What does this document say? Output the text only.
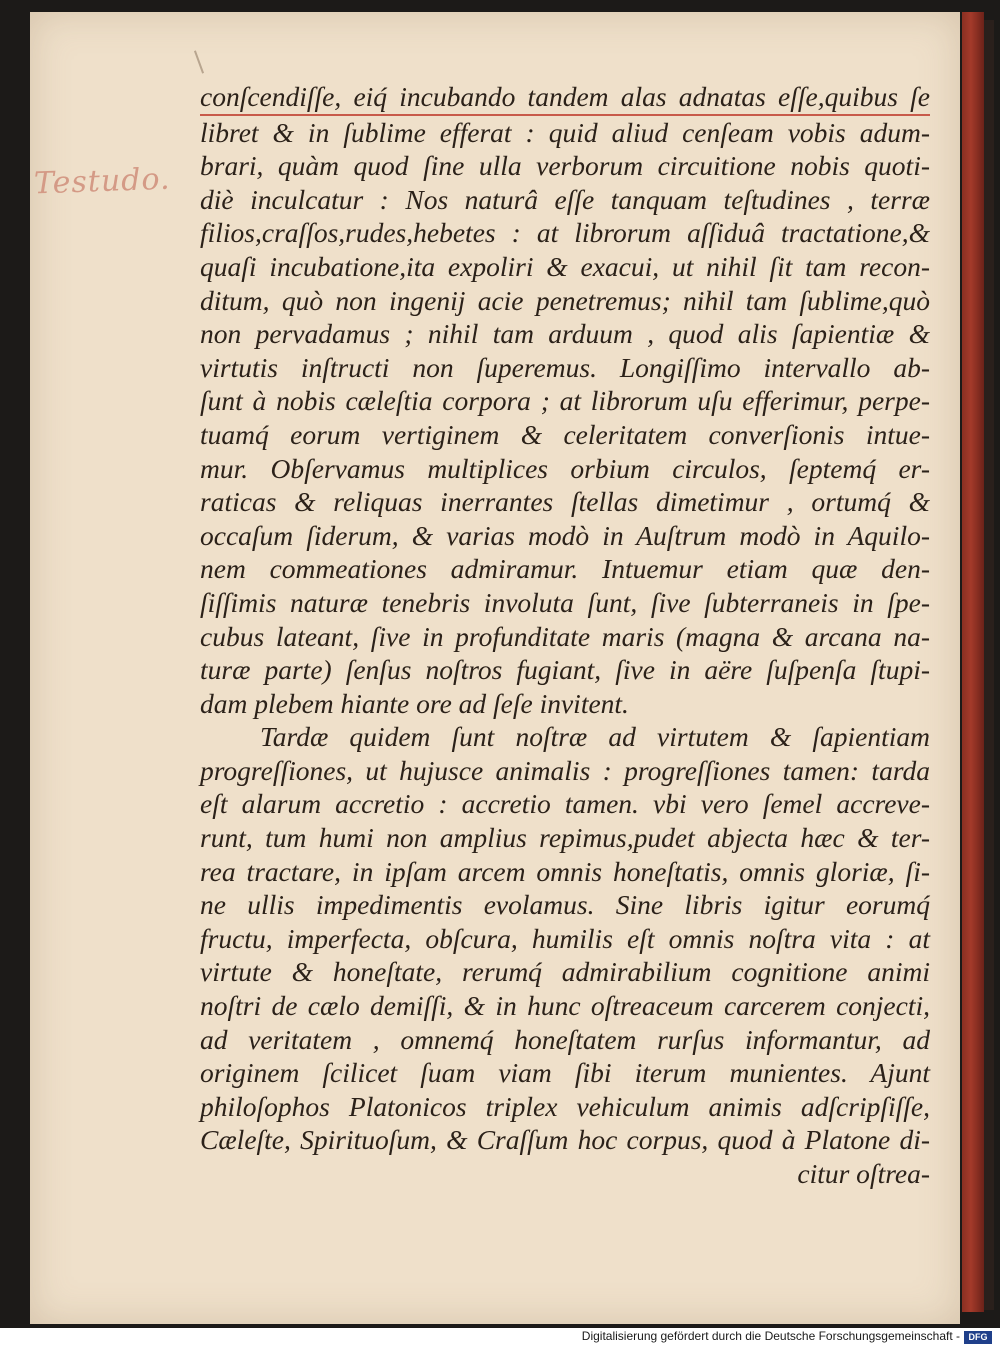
Testudo.
conſcendiſſe, eiq́ incubando tandem alas adnatas eſſe,quibus ſe
libret & in ſublime efferat : quid aliud cenſeam vobis adum-
brari, quàm quod ſine ulla verborum circuitione nobis quoti-
diè inculcatur : Nos naturâ eſſe tanquam teſtudines , terræ
filios,craſſos,rudes,hebetes : at librorum aſſiduâ tractatione,&
quaſi incubatione,ita expoliri & exacui, ut nihil ſit tam recon-
ditum, quò non ingenij acie penetremus; nihil tam ſublime,quò
non pervadamus ; nihil tam arduum , quod alis ſapientiæ &
virtutis inſtructi non ſuperemus. Longiſſimo intervallo ab-
ſunt à nobis cæleſtia corpora ; at librorum uſu efferimur, perpe-
tuamq́ eorum vertiginem & celeritatem converſionis intue-
mur. Obſervamus multiplices orbium circulos, ſeptemq́ er-
raticas & reliquas inerrantes ſtellas dimetimur , ortumq́ &
occaſum ſiderum, & varias modò in Auſtrum modò in Aquilo-
nem commeationes admiramur. Intuemur etiam quæ den-
ſiſſimis naturæ tenebris involuta ſunt, ſive ſubterraneis in ſpe-
cubus lateant, ſive in profunditate maris (magna & arcana na-
turæ parte) ſenſus noſtros fugiant, ſive in aëre ſuſpenſa ſtupi-
dam plebem hiante ore ad ſeſe invitent.
Tardæ quidem ſunt noſtræ ad virtutem & ſapientiam
progreſſiones, ut hujusce animalis : progreſſiones tamen: tarda
eſt alarum accretio : accretio tamen. vbi vero ſemel accreve-
runt, tum humi non amplius repimus,pudet abjecta hæc & ter-
rea tractare, in ipſam arcem omnis honeſtatis, omnis gloriæ, ſi-
ne ullis impedimentis evolamus. Sine libris igitur eorumq́
fructu, imperfecta, obſcura, humilis eſt omnis noſtra vita : at
virtute & honeſtate, rerumq́ admirabilium cognitione animi
noſtri de cælo demiſſi, & in hunc oſtreaceum carcerem conjecti,
ad veritatem , omnemq́ honeſtatem rurſus informantur, ad
originem ſcilicet ſuam viam ſibi iterum munientes. Ajunt
philoſophos Platonicos triplex vehiculum animis adſcripſiſſe,
Cæleſte, Spirituoſum, & Craſſum hoc corpus, quod à Platone di-
citur oſtrea-
Digitalisierung gefördert durch die Deutsche Forschungsgemeinschaft - DFG
